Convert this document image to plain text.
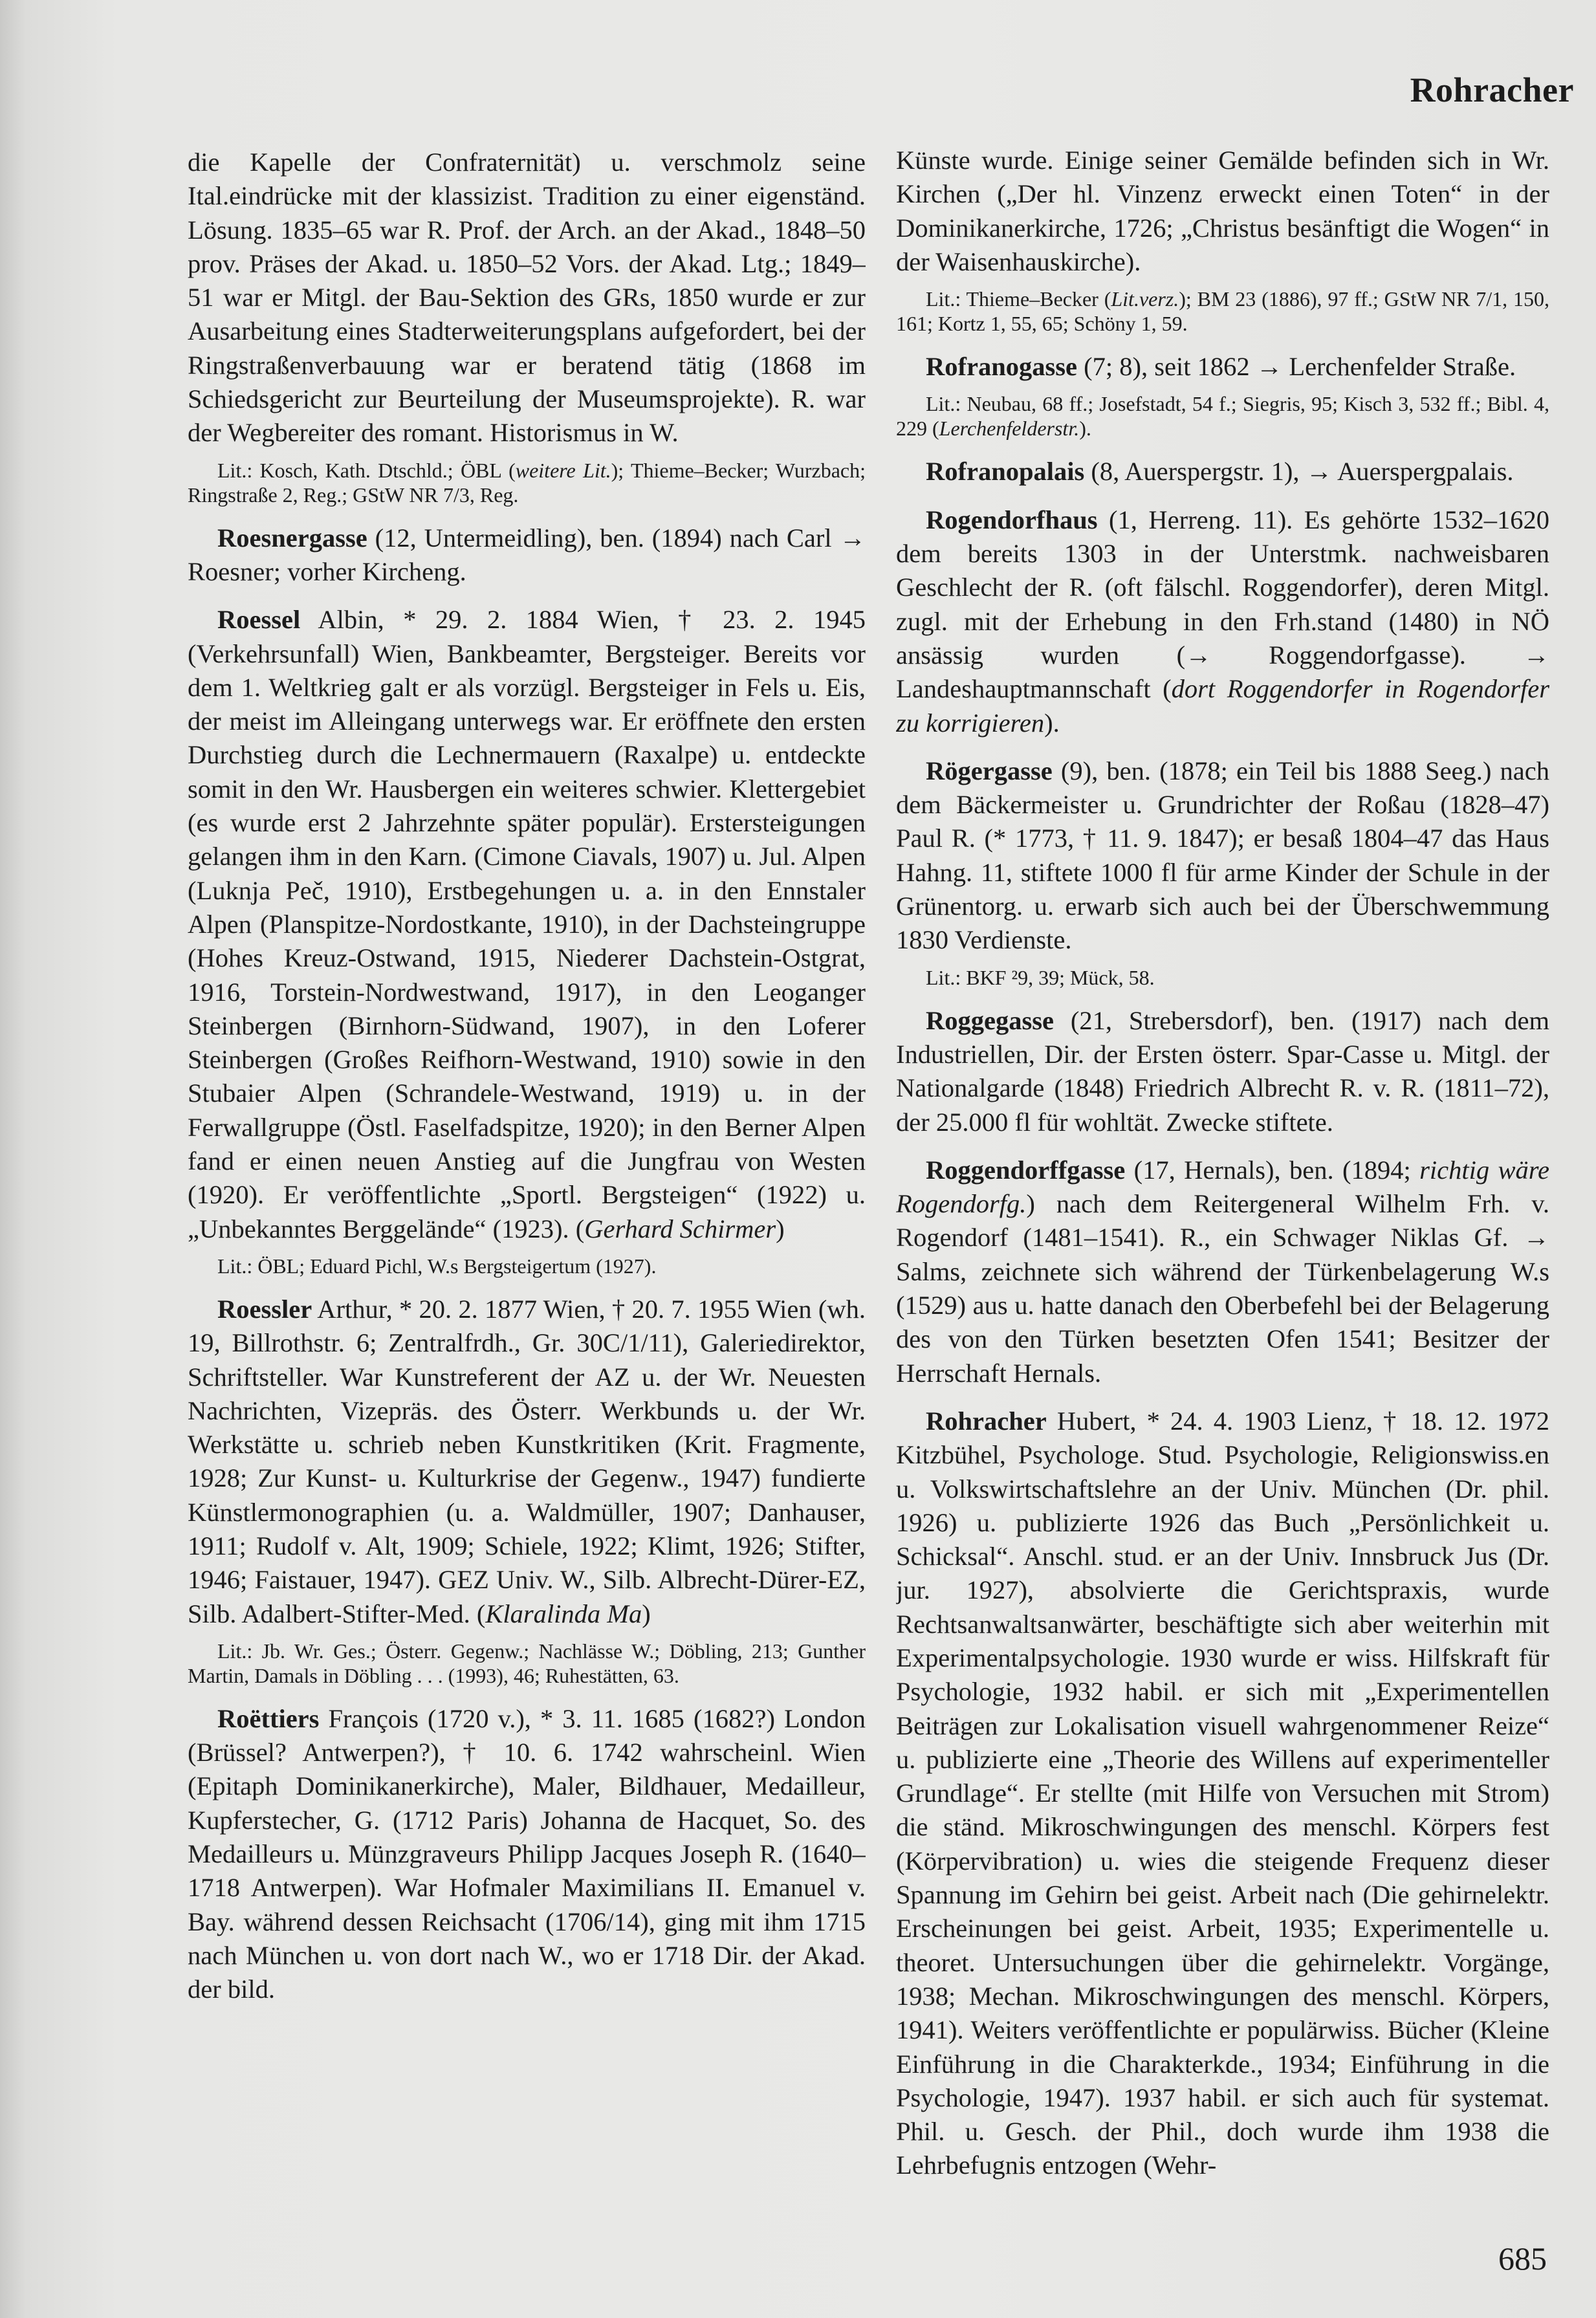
Rohracher

die Kapelle der Confraternität) u. verschmolz seine Ital.eindrücke mit der klassizist. Tradition zu einer eigenständ. Lösung. 1835–65 war R. Prof. der Arch. an der Akad., 1848–50 prov. Präses der Akad. u. 1850–52 Vors. der Akad. Ltg.; 1849–51 war er Mitgl. der Bau-Sektion des GRs, 1850 wurde er zur Ausarbeitung eines Stadterweiterungsplans aufgefordert, bei der Ringstraßenverbauung war er beratend tätig (1868 im Schiedsgericht zur Beurteilung der Museumsprojekte). R. war der Wegbereiter des romant. Historismus in W.

Lit.: Kosch, Kath. Dtschld.; ÖBL (weitere Lit.); Thieme–Becker; Wurzbach; Ringstraße 2, Reg.; GStW NR 7/3, Reg.

Roesnergasse (12, Untermeidling), ben. (1894) nach Carl → Roesner; vorher Kircheng.

Roessel Albin, * 29. 2. 1884 Wien, † 23. 2. 1945 (Verkehrsunfall) Wien, Bankbeamter, Bergsteiger. Bereits vor dem 1. Weltkrieg galt er als vorzügl. Bergsteiger in Fels u. Eis, der meist im Alleingang unterwegs war. Er eröffnete den ersten Durchstieg durch die Lechnermauern (Raxalpe) u. entdeckte somit in den Wr. Hausbergen ein weiteres schwier. Klettergebiet (es wurde erst 2 Jahrzehnte später populär). Erstersteigungen gelangen ihm in den Karn. (Cimone Ciavals, 1907) u. Jul. Alpen (Luknja Peč, 1910), Erstbegehungen u. a. in den Ennstaler Alpen (Planspitze-Nordostkante, 1910), in der Dachsteingruppe (Hohes Kreuz-Ostwand, 1915, Niederer Dachstein-Ostgrat, 1916, Torstein-Nordwestwand, 1917), in den Leoganger Steinbergen (Birnhorn-Südwand, 1907), in den Loferer Steinbergen (Großes Reifhorn-Westwand, 1910) sowie in den Stubaier Alpen (Schrandele-Westwand, 1919) u. in der Ferwallgruppe (Östl. Faselfadspitze, 1920); in den Berner Alpen fand er einen neuen Anstieg auf die Jungfrau von Westen (1920). Er veröffentlichte „Sportl. Bergsteigen“ (1922) u. „Unbekanntes Berggelände“ (1923). (Gerhard Schirmer)

Lit.: ÖBL; Eduard Pichl, W.s Bergsteigertum (1927).

Roessler Arthur, * 20. 2. 1877 Wien, † 20. 7. 1955 Wien (wh. 19, Billrothstr. 6; Zentralfrdh., Gr. 30C/1/11), Galeriedirektor, Schriftsteller. War Kunstreferent der AZ u. der Wr. Neuesten Nachrichten, Vizepräs. des Österr. Werkbunds u. der Wr. Werkstätte u. schrieb neben Kunstkritiken (Krit. Fragmente, 1928; Zur Kunst- u. Kulturkrise der Gegenw., 1947) fundierte Künstlermonographien (u. a. Waldmüller, 1907; Danhauser, 1911; Rudolf v. Alt, 1909; Schiele, 1922; Klimt, 1926; Stifter, 1946; Faistauer, 1947). GEZ Univ. W., Silb. Albrecht-Dürer-EZ, Silb. Adalbert-Stifter-Med. (Klaralinda Ma)

Lit.: Jb. Wr. Ges.; Österr. Gegenw.; Nachlässe W.; Döbling, 213; Gunther Martin, Damals in Döbling . . . (1993), 46; Ruhestätten, 63.

Roëttiers François (1720 v.), * 3. 11. 1685 (1682?) London (Brüssel? Antwerpen?), † 10. 6. 1742 wahrscheinl. Wien (Epitaph Dominikanerkirche), Maler, Bildhauer, Medailleur, Kupferstecher, G. (1712 Paris) Johanna de Hacquet, So. des Medailleurs u. Münzgraveurs Philipp Jacques Joseph R. (1640–1718 Antwerpen). War Hofmaler Maximilians II. Emanuel v. Bay. während dessen Reichsacht (1706/14), ging mit ihm 1715 nach München u. von dort nach W., wo er 1718 Dir. der Akad. der bild.

Künste wurde. Einige seiner Gemälde befinden sich in Wr. Kirchen („Der hl. Vinzenz erweckt einen Toten“ in der Dominikanerkirche, 1726; „Christus besänftigt die Wogen“ in der Waisenhauskirche).

Lit.: Thieme–Becker (Lit.verz.); BM 23 (1886), 97 ff.; GStW NR 7/1, 150, 161; Kortz 1, 55, 65; Schöny 1, 59.

Rofranogasse (7; 8), seit 1862 → Lerchenfelder Straße.

Lit.: Neubau, 68 ff.; Josefstadt, 54 f.; Siegris, 95; Kisch 3, 532 ff.; Bibl. 4, 229 (Lerchenfelderstr.).

Rofranopalais (8, Auerspergstr. 1), → Auerspergpalais.

Rogendorfhaus (1, Herreng. 11). Es gehörte 1532–1620 dem bereits 1303 in der Unterstmk. nachweisbaren Geschlecht der R. (oft fälschl. Roggendorfer), deren Mitgl. zugl. mit der Erhebung in den Frh.stand (1480) in NÖ ansässig wurden (→ Roggendorfgasse). → Landeshauptmannschaft (dort Roggendorfer in Rogendorfer zu korrigieren).

Rögergasse (9), ben. (1878; ein Teil bis 1888 Seeg.) nach dem Bäckermeister u. Grundrichter der Roßau (1828–47) Paul R. (* 1773, † 11. 9. 1847); er besaß 1804–47 das Haus Hahng. 11, stiftete 1000 fl für arme Kinder der Schule in der Grünentorg. u. erwarb sich auch bei der Überschwemmung 1830 Verdienste.

Lit.: BKF ²9, 39; Mück, 58.

Roggegasse (21, Strebersdorf), ben. (1917) nach dem Industriellen, Dir. der Ersten österr. Spar-Casse u. Mitgl. der Nationalgarde (1848) Friedrich Albrecht R. v. R. (1811–72), der 25.000 fl für wohltät. Zwecke stiftete.

Roggendorffgasse (17, Hernals), ben. (1894; richtig wäre Rogendorfg.) nach dem Reitergeneral Wilhelm Frh. v. Rogendorf (1481–1541). R., ein Schwager Niklas Gf. → Salms, zeichnete sich während der Türkenbelagerung W.s (1529) aus u. hatte danach den Oberbefehl bei der Belagerung des von den Türken besetzten Ofen 1541; Besitzer der Herrschaft Hernals.

Rohracher Hubert, * 24. 4. 1903 Lienz, † 18. 12. 1972 Kitzbühel, Psychologe. Stud. Psychologie, Religionswiss.en u. Volkswirtschaftslehre an der Univ. München (Dr. phil. 1926) u. publizierte 1926 das Buch „Persönlichkeit u. Schicksal“. Anschl. stud. er an der Univ. Innsbruck Jus (Dr. jur. 1927), absolvierte die Gerichtspraxis, wurde Rechtsanwaltsanwärter, beschäftigte sich aber weiterhin mit Experimentalpsychologie. 1930 wurde er wiss. Hilfskraft für Psychologie, 1932 habil. er sich mit „Experimentellen Beiträgen zur Lokalisation visuell wahrgenommener Reize“ u. publizierte eine „Theorie des Willens auf experimenteller Grundlage“. Er stellte (mit Hilfe von Versuchen mit Strom) die ständ. Mikroschwingungen des menschl. Körpers fest (Körpervibration) u. wies die steigende Frequenz dieser Spannung im Gehirn bei geist. Arbeit nach (Die gehirnelektr. Erscheinungen bei geist. Arbeit, 1935; Experimentelle u. theoret. Untersuchungen über die gehirnelektr. Vorgänge, 1938; Mechan. Mikroschwingungen des menschl. Körpers, 1941). Weiters veröffentlichte er populärwiss. Bücher (Kleine Einführung in die Charakterkde., 1934; Einführung in die Psychologie, 1947). 1937 habil. er sich auch für systemat. Phil. u. Gesch. der Phil., doch wurde ihm 1938 die Lehrbefugnis entzogen (Wehr-

685
